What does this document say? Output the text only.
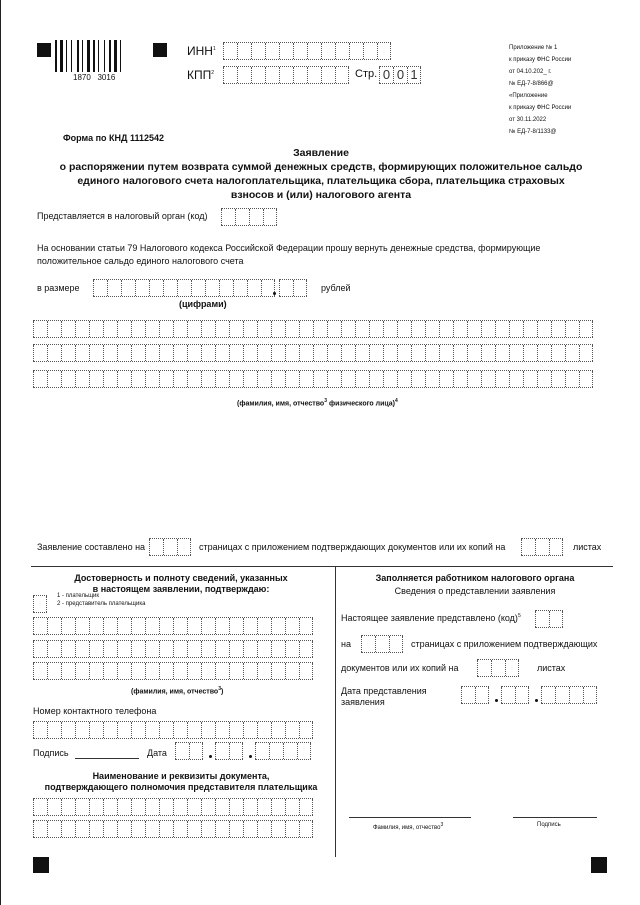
1870   3016
ИНН$^1$
КПП$^2$	Стр. 0 0 1
Приложение № 1
к приказу ФНС России
от 04.10.202_ г.
№ ЕД-7-8/866@
«Приложение
к приказу ФНС России
от 30.11.2022
№ ЕД-7-8/1133@
Форма по КНД 1112542
Заявление
о распоряжении путем возврата суммой денежных средств, формирующих положительное сальдо
единого налогового счета налогоплательщика, плательщика сбора, плательщика страховых
взносов и (или) налогового агента
Представляется в налоговый орган (код)
На основании статьи 79 Налогового кодекса Российской Федерации прошу вернуть денежные средства, формирующие
положительное сальдо единого налогового счета
в размере	рублей
(цифрами)
(фамилия, имя, отчество$^3$ физического лица)$^4$
Заявление составлено на	страницах с приложением подтверждающих документов или их копий на	листах
Достоверность и полноту сведений, указанных
в настоящем заявлении, подтверждаю:
1 - плательщик
2 - представитель плательщика
(фамилия, имя, отчество$^3$)
Номер контактного телефона
Подпись	Дата
Наименование и реквизиты документа,
подтверждающего полномочия представителя плательщика
Заполняется работником налогового органа
Сведения о представлении заявления
Настоящее заявление представлено (код)$^5$
на	страницах с приложением подтверждающих
документов или их копий на	листах
Дата представления
заявления
Фамилия, имя, отчество$^3$	Подпись
